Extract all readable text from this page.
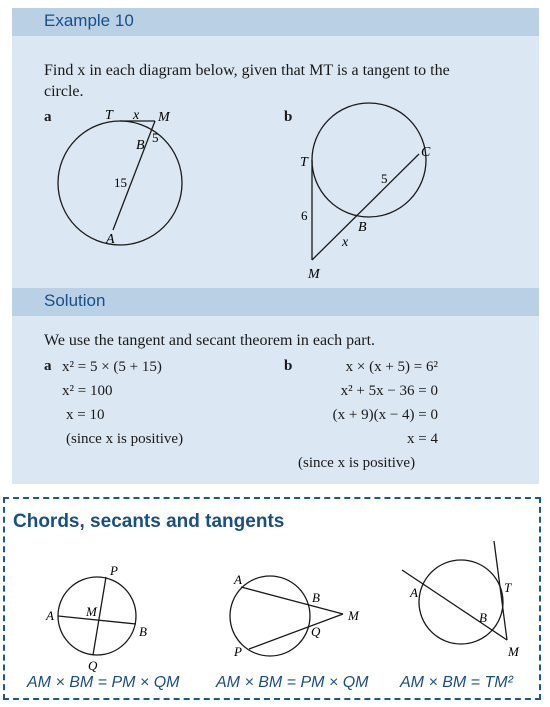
Example 10
Find x in each diagram below, given that MT is a tangent to the
circle.
a	b
T x M
B
5
15
A
T
C
5
6
B
x
M
Solution
We use the tangent and secant theorem in each part.
a x² = 5 × (5 + 15)
x² = 100
x = 10
(since x is positive)
b	x × (x + 5) = 6²
x² + 5x − 36 = 0
(x + 9)(x − 4) = 0
x = 4
(since x is positive)
Chords, secants and tangents
P
A M
B
Q
A
B
M
Q
P
A	T
B
M
AM × BM = PM × QM AM × BM = PM × QM AM × BM = TM²
